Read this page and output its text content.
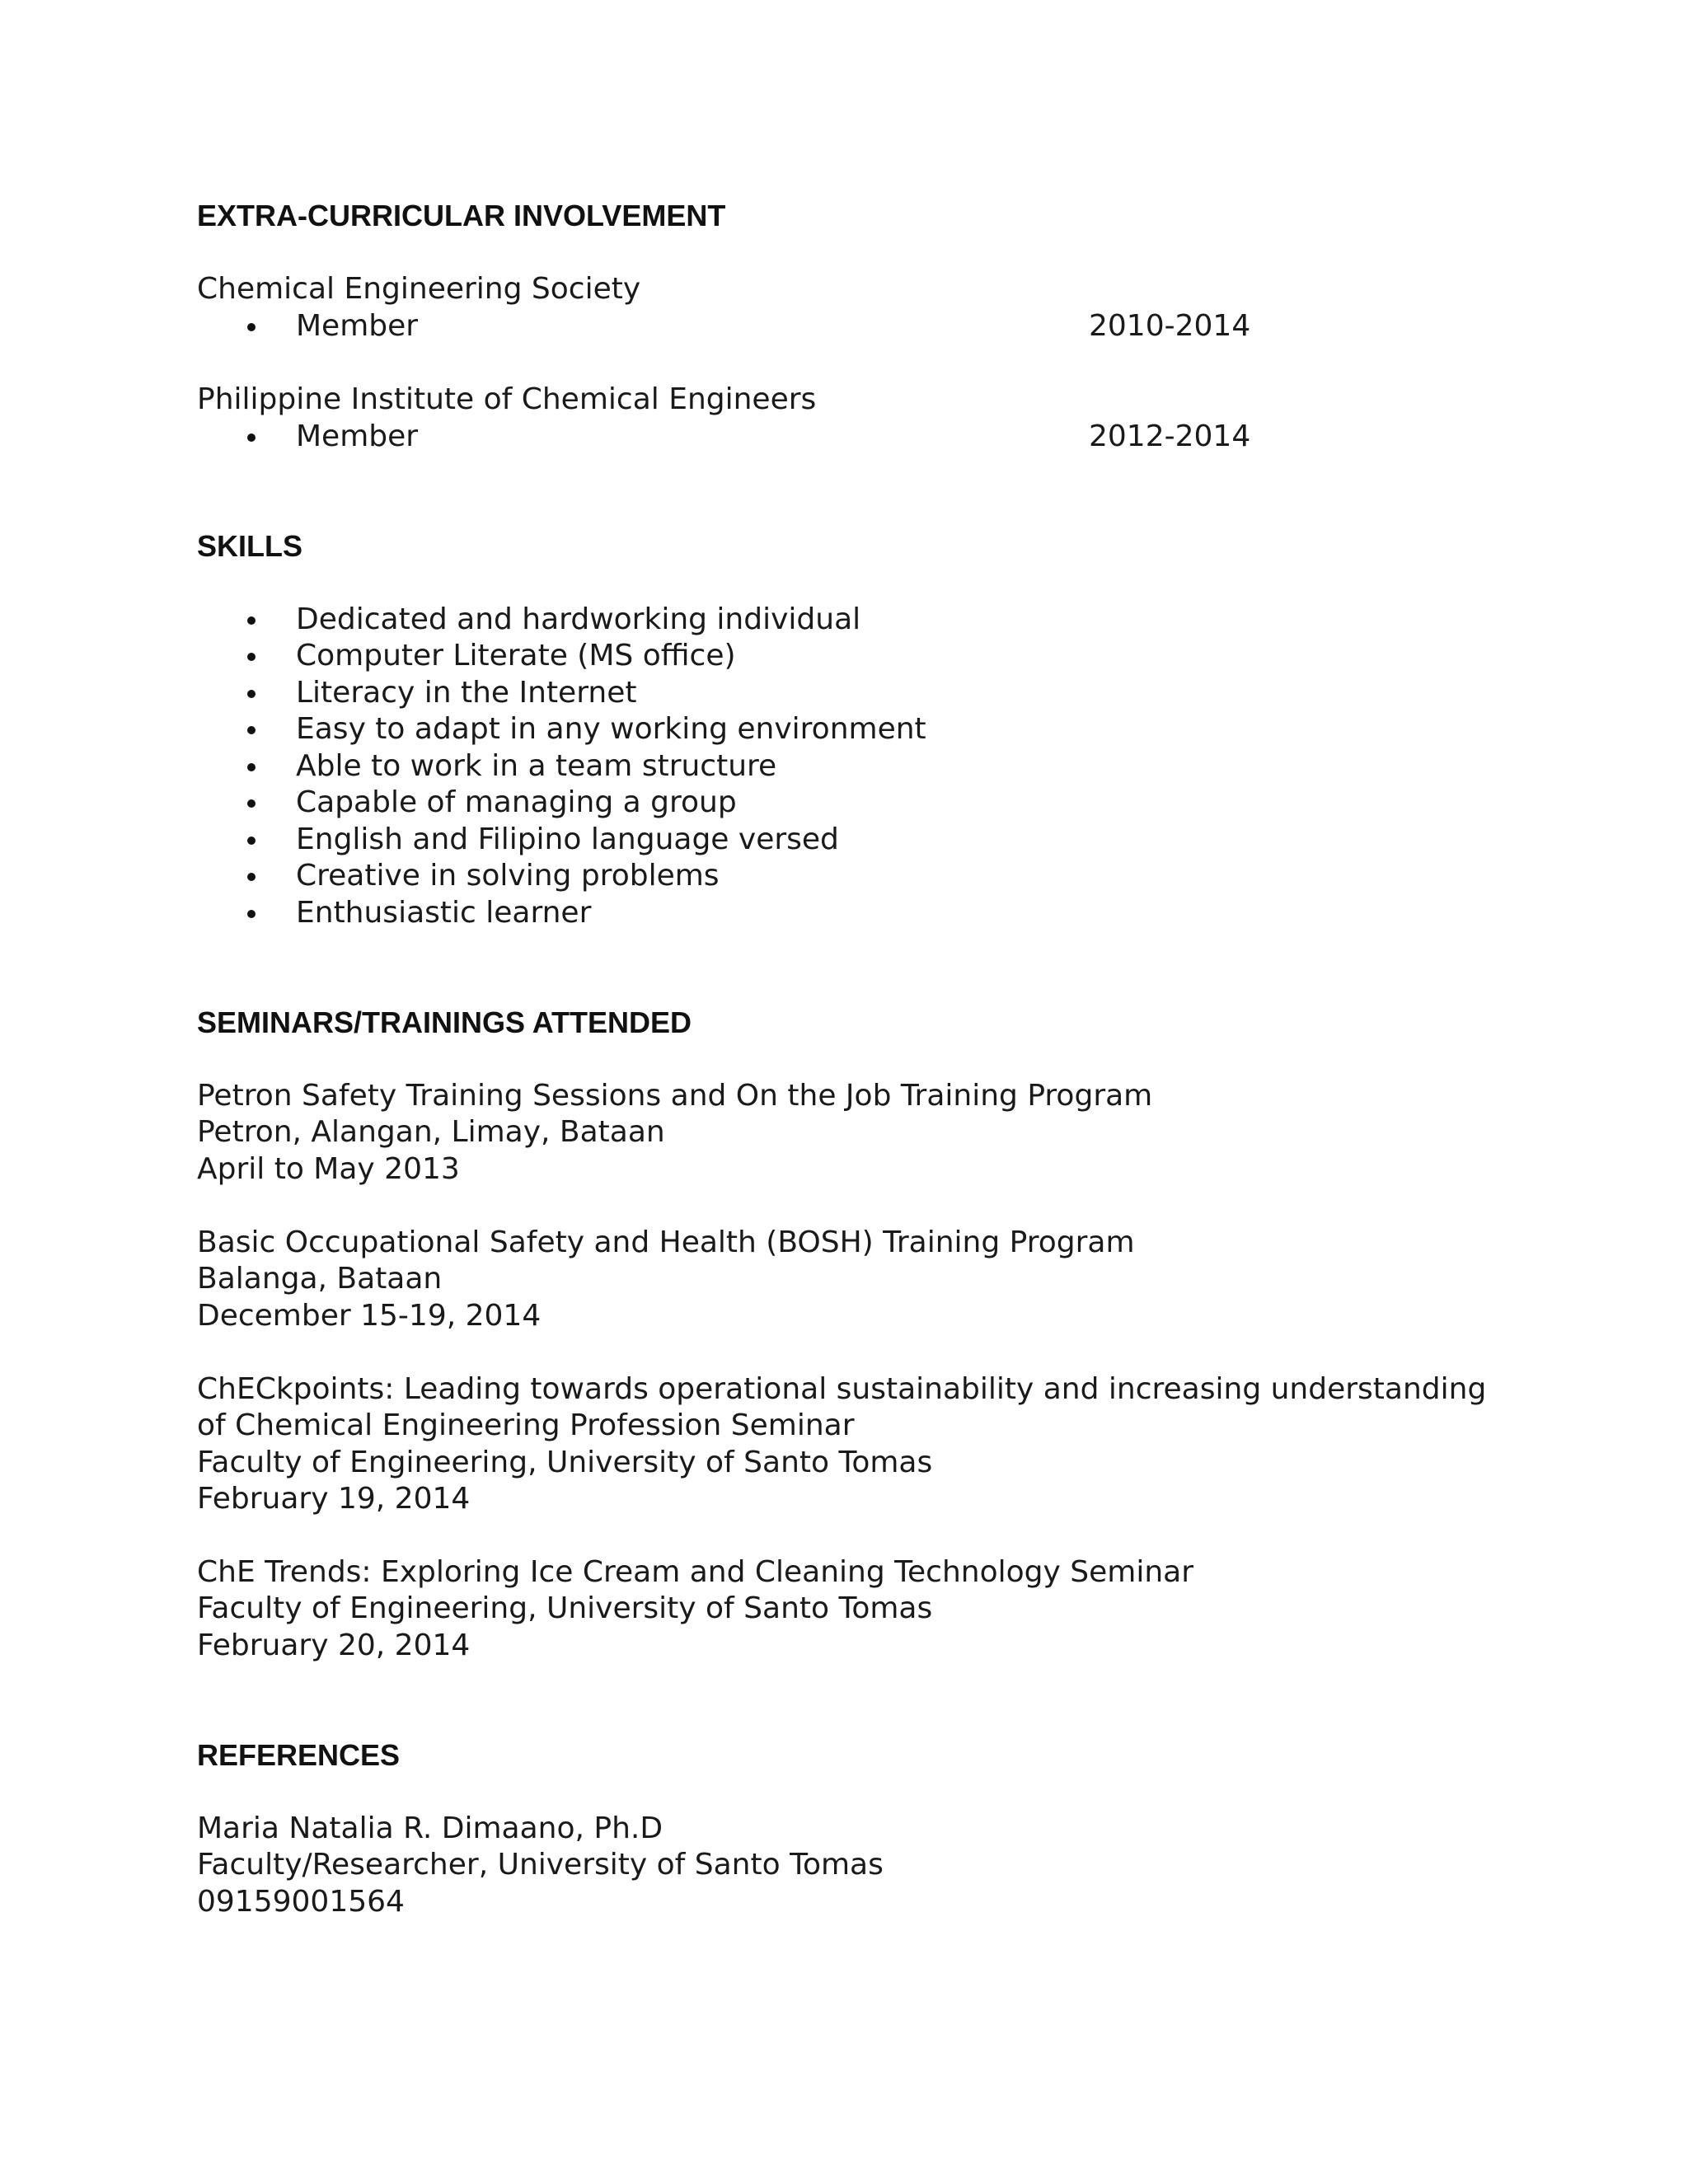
EXTRA-CURRICULAR INVOLVEMENT
Chemical Engineering Society
Member	2010-2014
Philippine Institute of Chemical Engineers
Member	2012-2014
SKILLS
Dedicated and hardworking individual
Computer Literate (MS office)
Literacy in the Internet
Easy to adapt in any working environment
Able to work in a team structure
Capable of managing a group
English and Filipino language versed
Creative in solving problems
Enthusiastic learner
SEMINARS/TRAININGS ATTENDED
Petron Safety Training Sessions and On the Job Training Program
Petron, Alangan, Limay, Bataan
April to May 2013
Basic Occupational Safety and Health (BOSH) Training Program
Balanga, Bataan
December 15-19, 2014
ChECkpoints: Leading towards operational sustainability and increasing understanding
of Chemical Engineering Profession Seminar
Faculty of Engineering, University of Santo Tomas
February 19, 2014
ChE Trends: Exploring Ice Cream and Cleaning Technology Seminar
Faculty of Engineering, University of Santo Tomas
February 20, 2014
REFERENCES
Maria Natalia R. Dimaano, Ph.D
Faculty/Researcher, University of Santo Tomas
09159001564
